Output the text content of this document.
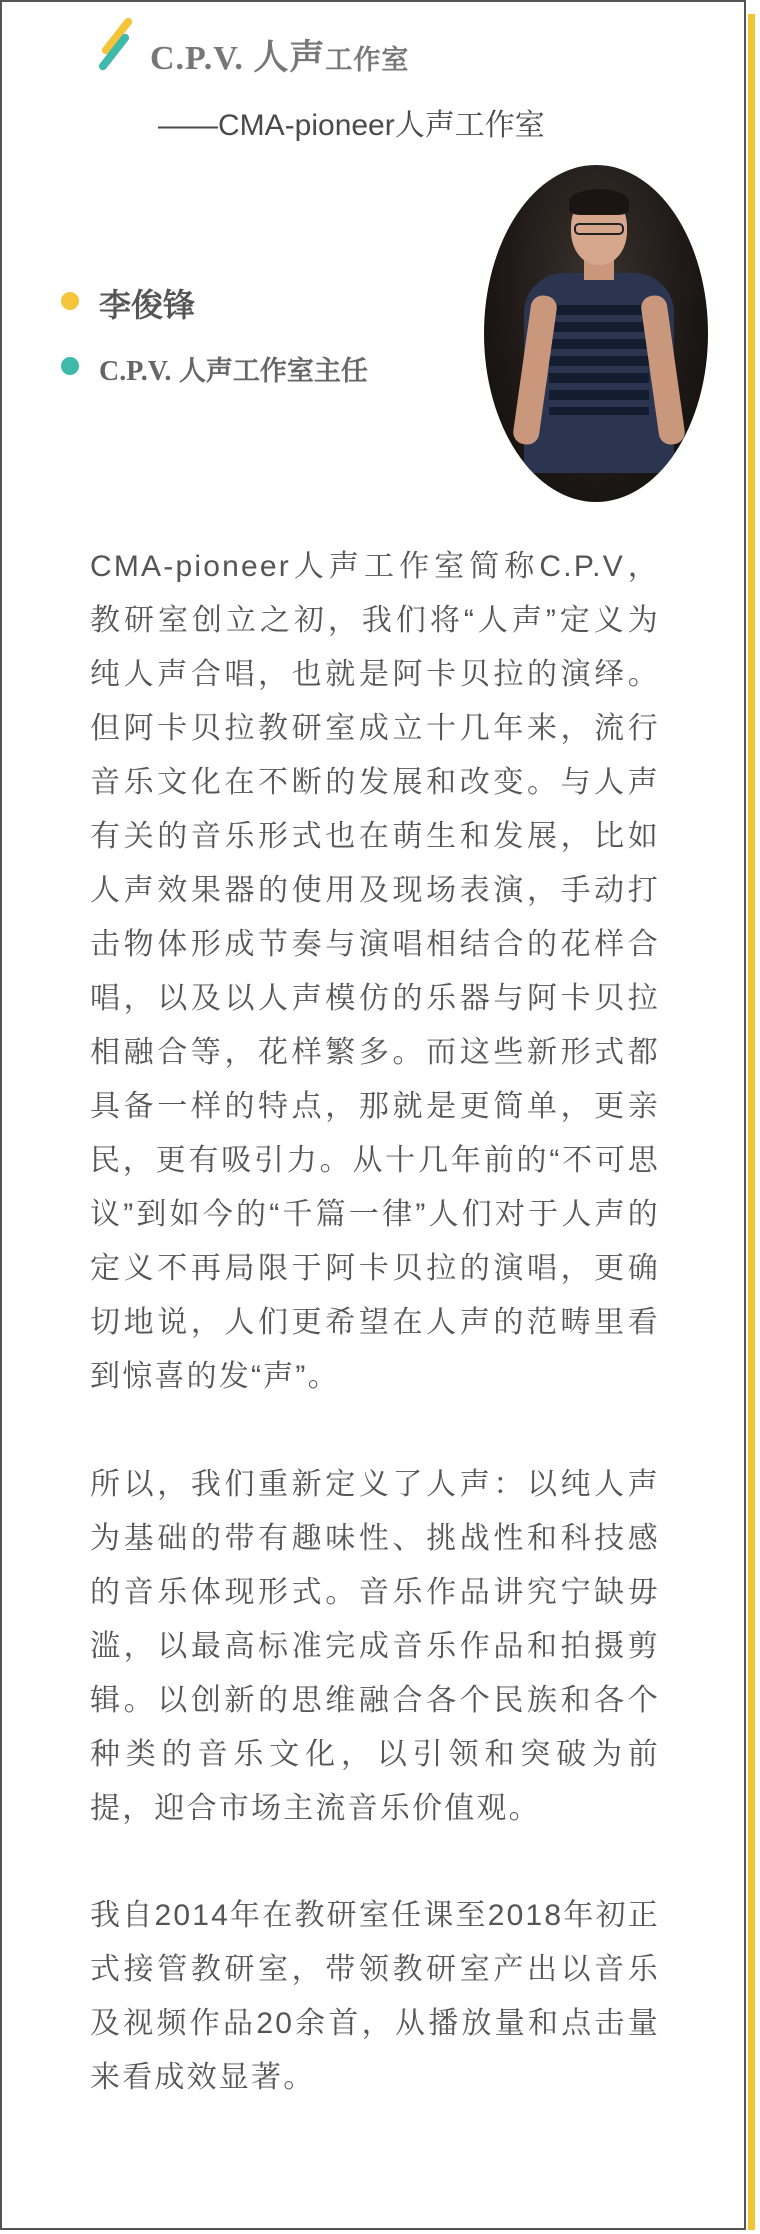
C.P.V. 人声工作室
——CMA-pioneer人声工作室
李俊锋
C.P.V. 人声工作室主任

CMA-pioneer人声工作室简称C.P.V，教研室创立之初，我们将“人声”定义为纯人声合唱，也就是阿卡贝拉的演绎。但阿卡贝拉教研室成立十几年来，流行音乐文化在不断的发展和改变。与人声有关的音乐形式也在萌生和发展，比如人声效果器的使用及现场表演，手动打击物体形成节奏与演唱相结合的花样合唱，以及以人声模仿的乐器与阿卡贝拉相融合等，花样繁多。而这些新形式都具备一样的特点，那就是更简单，更亲民，更有吸引力。从十几年前的“不可思议”到如今的“千篇一律”人们对于人声的定义不再局限于阿卡贝拉的演唱，更确切地说，人们更希望在人声的范畴里看到惊喜的发“声”。

所以，我们重新定义了人声：以纯人声为基础的带有趣味性、挑战性和科技感的音乐体现形式。音乐作品讲究宁缺毋滥，以最高标准完成音乐作品和拍摄剪辑。以创新的思维融合各个民族和各个种类的音乐文化，以引领和突破为前提，迎合市场主流音乐价值观。

我自2014年在教研室任课至2018年初正式接管教研室，带领教研室产出以音乐及视频作品20余首，从播放量和点击量来看成效显著。
